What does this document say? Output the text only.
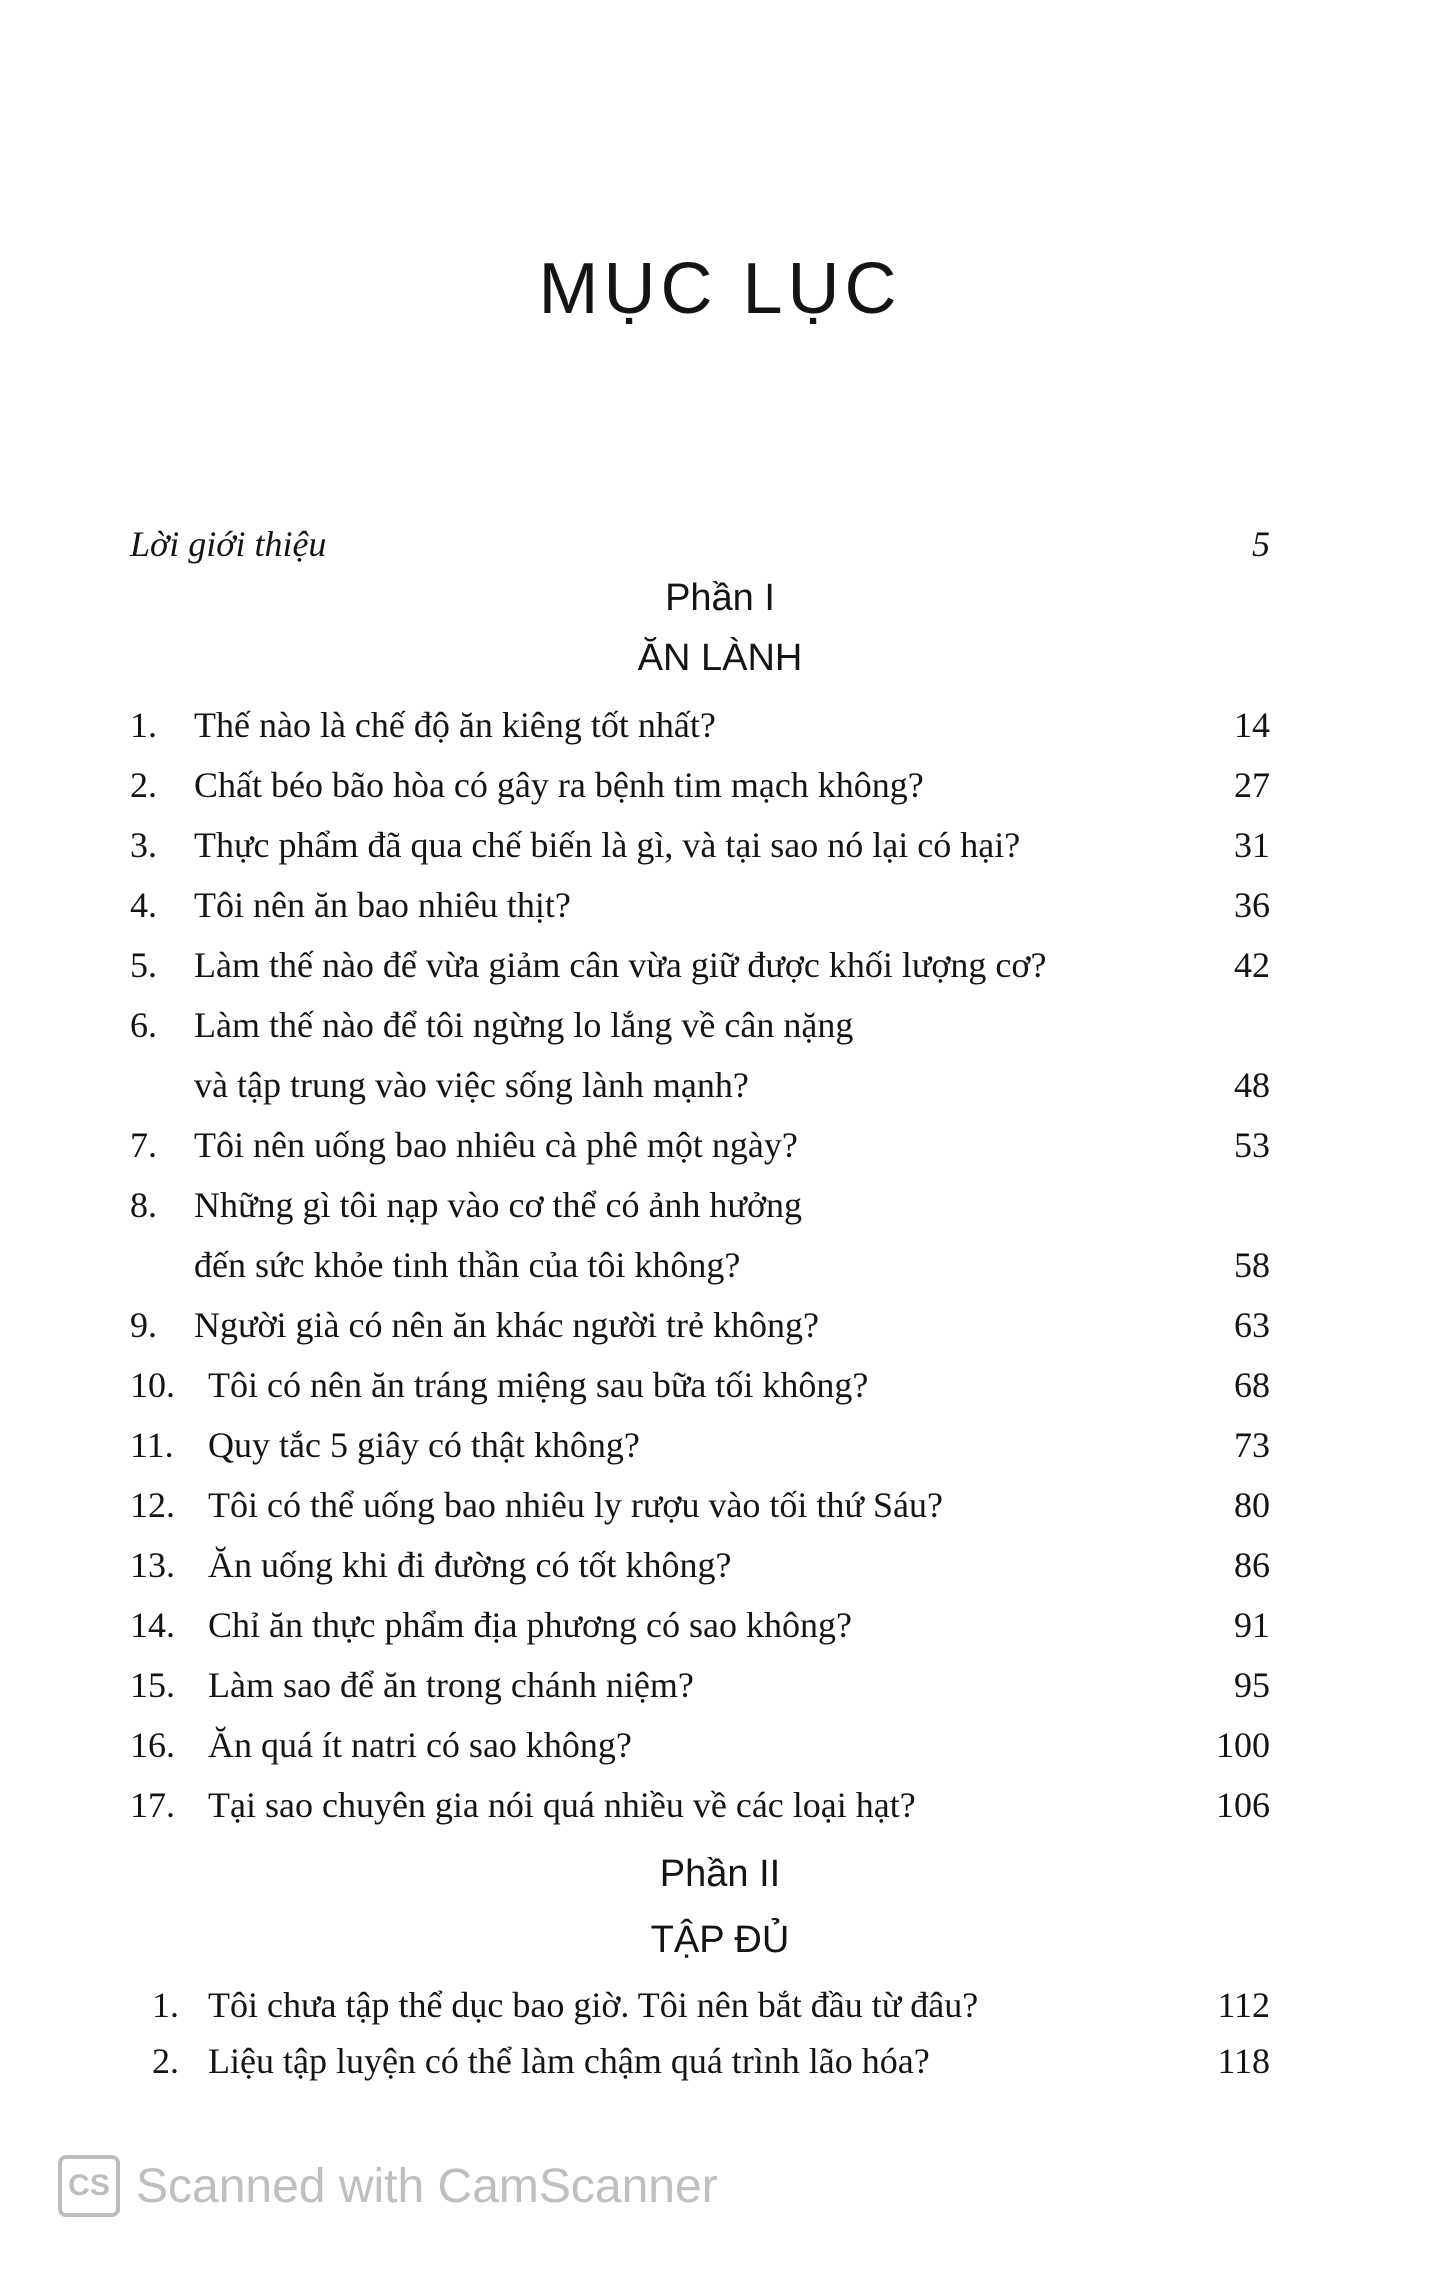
MỤC LỤC
Lời giới thiệu	5
Phần I
ĂN LÀNH
1. Thế nào là chế độ ăn kiêng tốt nhất?	14
2. Chất béo bão hòa có gây ra bệnh tim mạch không?	27
3. Thực phẩm đã qua chế biến là gì, và tại sao nó lại có hại?	31
4. Tôi nên ăn bao nhiêu thịt?	36
5. Làm thế nào để vừa giảm cân vừa giữ được khối lượng cơ?	42
6. Làm thế nào để tôi ngừng lo lắng về cân nặng
và tập trung vào việc sống lành mạnh?	48
7. Tôi nên uống bao nhiêu cà phê một ngày?	53
8. Những gì tôi nạp vào cơ thể có ảnh hưởng
đến sức khỏe tinh thần của tôi không?	58
9. Người già có nên ăn khác người trẻ không?	63
10. Tôi có nên ăn tráng miệng sau bữa tối không?	68
11. Quy tắc 5 giây có thật không?	73
12. Tôi có thể uống bao nhiêu ly rượu vào tối thứ Sáu?	80
13. Ăn uống khi đi đường có tốt không?	86
14. Chỉ ăn thực phẩm địa phương có sao không?	91
15. Làm sao để ăn trong chánh niệm?	95
16. Ăn quá ít natri có sao không?	100
17. Tại sao chuyên gia nói quá nhiều về các loại hạt?	106
Phần II
TẬP ĐỦ
1. Tôi chưa tập thể dục bao giờ. Tôi nên bắt đầu từ đâu?	112
2. Liệu tập luyện có thể làm chậm quá trình lão hóa?	118
CS Scanned with CamScanner
